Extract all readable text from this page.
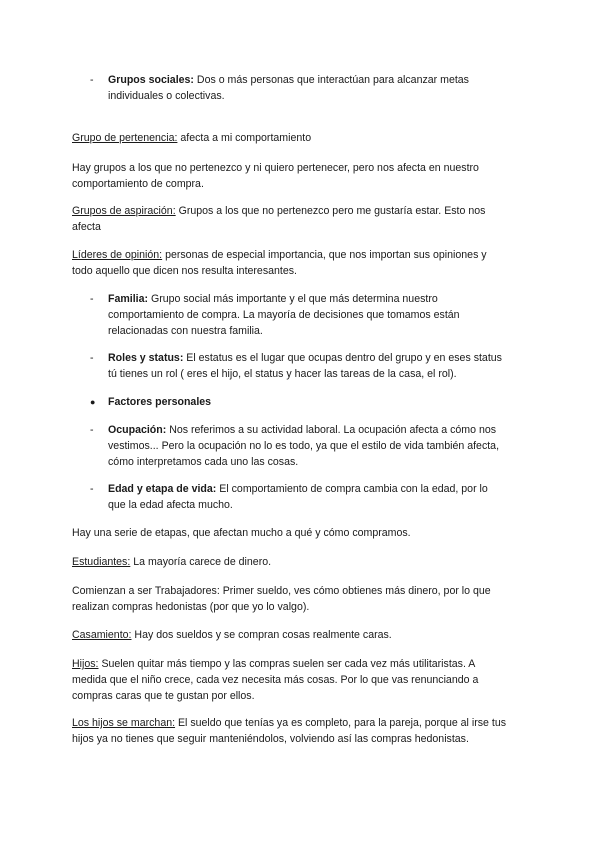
-	Grupos sociales: Dos o más personas que interactúan para alcanzar metas
individuales o colectivas.

Grupo de pertenencia: afecta a mi comportamiento

Hay grupos a los que no pertenezco y ni quiero pertenecer, pero nos afecta en nuestro
comportamiento de compra.

Grupos de aspiración: Grupos a los que no pertenezco pero me gustaría estar. Esto nos
afecta

Líderes de opinión: personas de especial importancia, que nos importan sus opiniones y
todo aquello que dicen nos resulta interesantes.

-	Familia: Grupo social más importante y el que más determina nuestro
comportamiento de compra. La mayoría de decisiones que tomamos están
relacionadas con nuestra familia.
-	Roles y status: El estatus es el lugar que ocupas dentro del grupo y en eses status
tú tienes un rol ( eres el hijo, el status y hacer las tareas de la casa, el rol).
●	Factores personales
-	Ocupación: Nos referimos a su actividad laboral. La ocupación afecta a cómo nos
vestimos... Pero la ocupación no lo es todo, ya que el estilo de vida también afecta,
cómo interpretamos cada uno las cosas.
-	Edad y etapa de vida: El comportamiento de compra cambia con la edad, por lo
que la edad afecta mucho.

Hay una serie de etapas, que afectan mucho a qué y cómo compramos.

Estudiantes: La mayoría carece de dinero.

Comienzan a ser Trabajadores: Primer sueldo, ves cómo obtienes más dinero, por lo que
realizan compras hedonistas (por que yo lo valgo).

Casamiento: Hay dos sueldos y se compran cosas realmente caras.

Hijos: Suelen quitar más tiempo y las compras suelen ser cada vez más utilitaristas. A
medida que el niño crece, cada vez necesita más cosas. Por lo que vas renunciando a
compras caras que te gustan por ellos.

Los hijos se marchan: El sueldo que tenías ya es completo, para la pareja, porque al irse tus
hijos ya no tienes que seguir manteniéndolos, volviendo así las compras hedonistas.
